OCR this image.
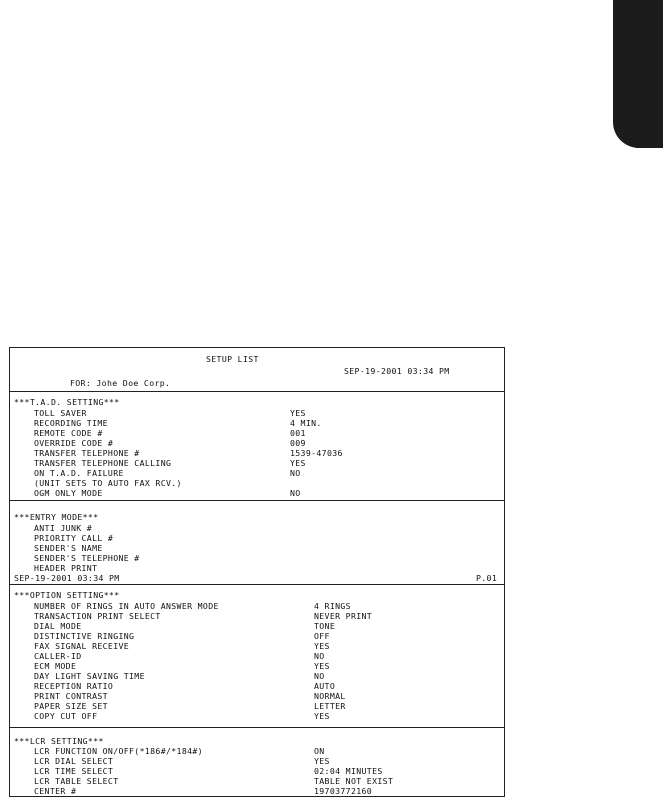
SETUP LIST
SEP-19-2001 03:34 PM
FOR: Johe Doe Corp.
***T.A.D. SETTING***
TOLL SAVER	YES
RECORDING TIME	4 MIN.
REMOTE CODE #	001
OVERRIDE CODE #	009
TRANSFER TELEPHONE #	1539-47036
TRANSFER TELEPHONE CALLING	YES
ON T.A.D. FAILURE	NO
(UNIT SETS TO AUTO FAX RCV.)
OGM ONLY MODE	NO
***ENTRY MODE***
ANTI JUNK #
PRIORITY CALL #
SENDER'S NAME
SENDER'S TELEPHONE #
HEADER PRINT
SEP-19-2001 03:34 PM	P.01
***OPTION SETTING***
NUMBER OF RINGS IN AUTO ANSWER MODE	4 RINGS
TRANSACTION PRINT SELECT	NEVER PRINT
DIAL MODE	TONE
DISTINCTIVE RINGING	OFF
FAX SIGNAL RECEIVE	YES
CALLER-ID	NO
ECM MODE	YES
DAY LIGHT SAVING TIME	NO
RECEPTION RATIO	AUTO
PRINT CONTRAST	NORMAL
PAPER SIZE SET	LETTER
COPY CUT OFF	YES
***LCR SETTING***
LCR FUNCTION ON/OFF(*186#/*184#)	ON
LCR DIAL SELECT	YES
LCR TIME SELECT	02:04 MINUTES
LCR TABLE SELECT	TABLE NOT EXIST
CENTER #	19703772160
